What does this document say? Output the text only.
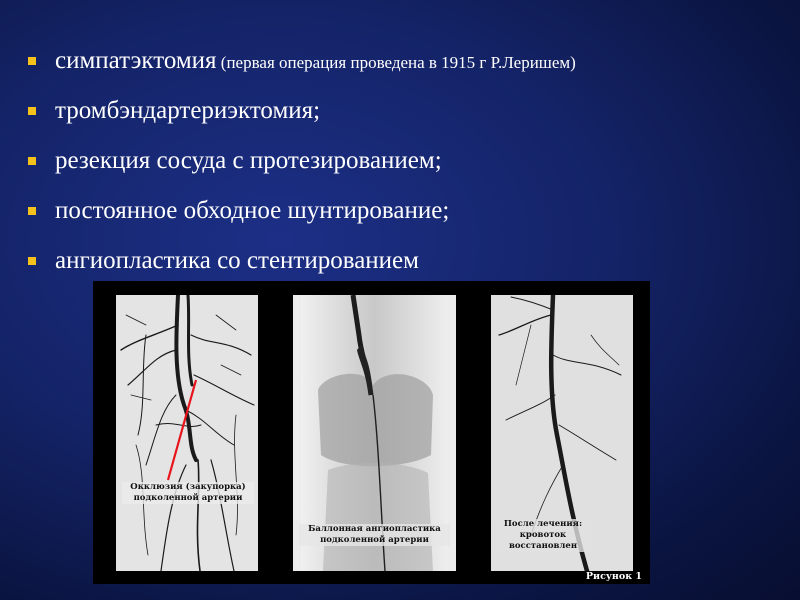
симпатэктомия (первая операция проведена в 1915 г Р.Леришем)
тромбэндартериэктомия;
резекция сосуда с протезированием;
постоянное обходное шунтирование;
ангиопластика со стентированием
Окклюзия (закупорка)
подколенной артерии
Баллонная ангиопластика
подколенной артерии
После лечения:
кровоток
восстановлен
Рисунок 1
